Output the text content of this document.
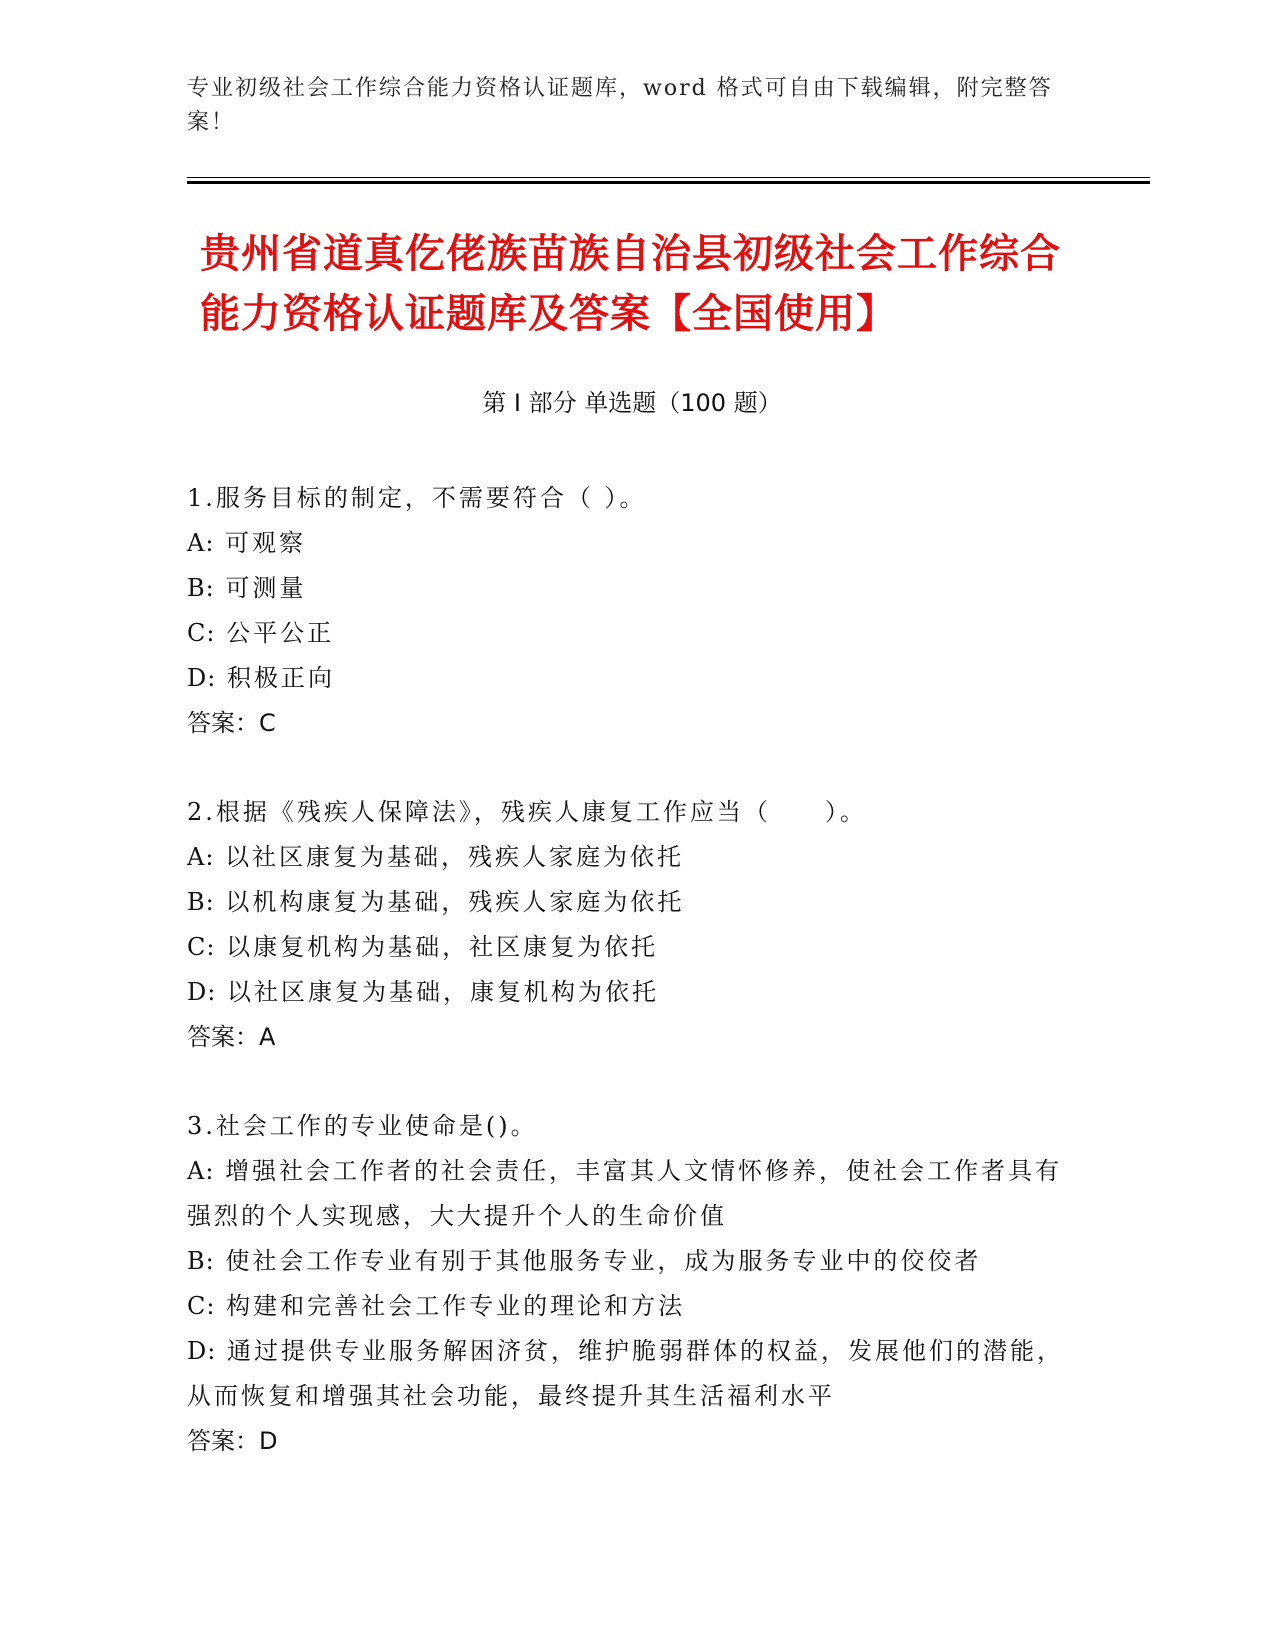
专业初级社会工作综合能力资格认证题库，word 格式可自由下载编辑，附完整答案！
贵州省道真仡佬族苗族自治县初级社会工作综合能力资格认证题库及答案【全国使用】
第 I 部分 单选题（100 题）
1.服务目标的制定，不需要符合（ ）。
A: 可观察
B: 可测量
C: 公平公正
D: 积极正向
答案：C
2.根据《残疾人保障法》，残疾人康复工作应当（　　）。
A: 以社区康复为基础，残疾人家庭为依托
B: 以机构康复为基础，残疾人家庭为依托
C: 以康复机构为基础，社区康复为依托
D: 以社区康复为基础，康复机构为依托
答案：A
3.社会工作的专业使命是()。
A: 增强社会工作者的社会责任，丰富其人文情怀修养，使社会工作者具有强烈的个人实现感，大大提升个人的生命价值
B: 使社会工作专业有别于其他服务专业，成为服务专业中的佼佼者
C: 构建和完善社会工作专业的理论和方法
D: 通过提供专业服务解困济贫，维护脆弱群体的权益，发展他们的潜能，从而恢复和增强其社会功能，最终提升其生活福利水平
答案：D
